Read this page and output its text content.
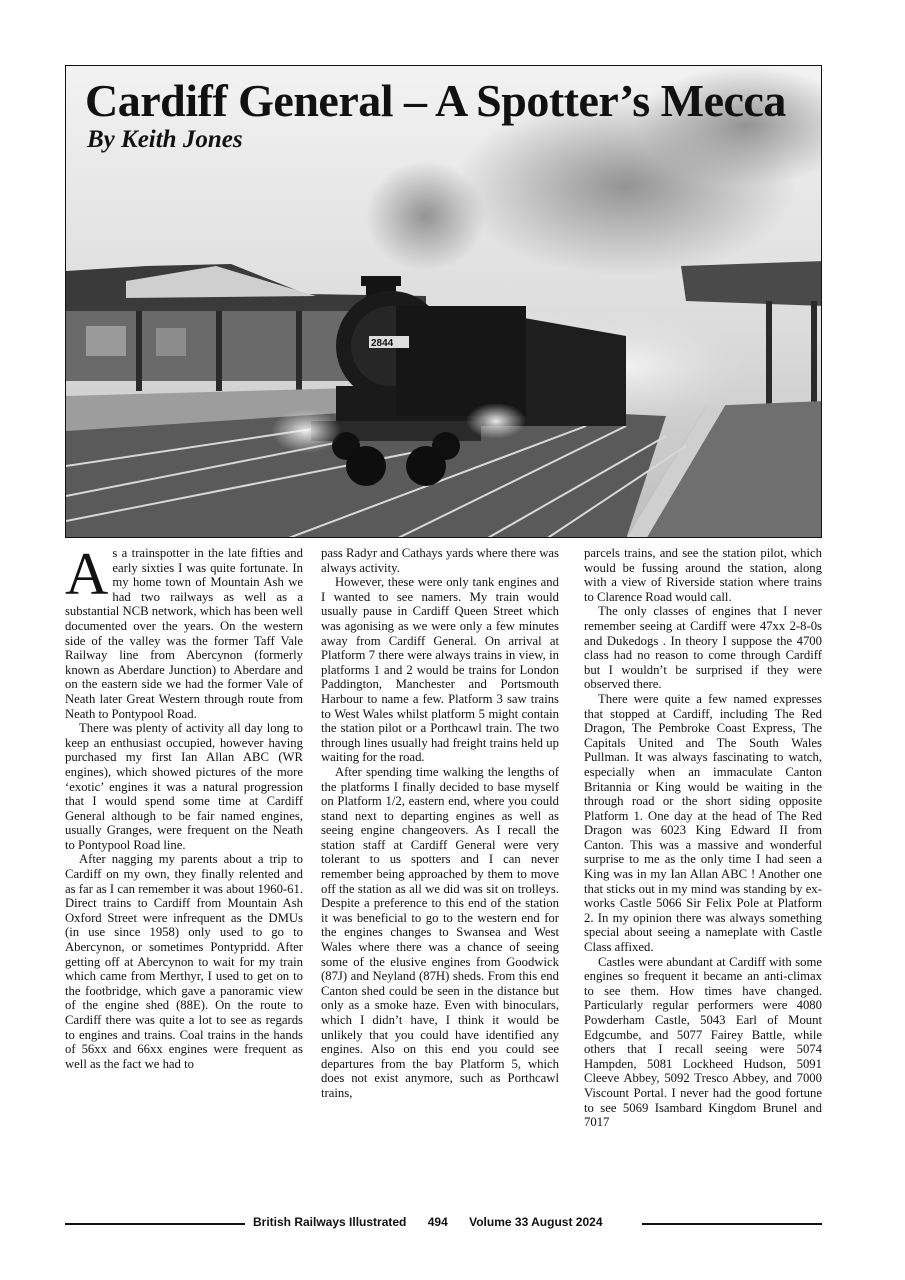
2844
Cardiff General – A Spotter’s Mecca
By Keith Jones

As a trainspotter in the late fifties and early sixties I was quite fortunate. In my home town of Mountain Ash we had two railways as well as a substantial NCB network, which has been well documented over the years. On the western side of the valley was the former Taff Vale Railway line from Abercynon (formerly known as Aberdare Junction) to Aberdare and on the eastern side we had the former Vale of Neath later Great Western through route from Neath to Pontypool Road.

There was plenty of activity all day long to keep an enthusiast occupied, however having purchased my first Ian Allan ABC (WR engines), which showed pictures of the more ‘exotic’ engines it was a natural progression that I would spend some time at Cardiff General although to be fair named engines, usually Granges, were frequent on the Neath to Pontypool Road line.

After nagging my parents about a trip to Cardiff on my own, they finally relented and as far as I can remember it was about 1960-61. Direct trains to Cardiff from Mountain Ash Oxford Street were infrequent as the DMUs (in use since 1958) only used to go to Abercynon, or sometimes Pontypridd. After getting off at Abercynon to wait for my train which came from Merthyr, I used to get on to the footbridge, which gave a panoramic view of the engine shed (88E). On the route to Cardiff there was quite a lot to see as regards to engines and trains. Coal trains in the hands of 56xx and 66xx engines were frequent as well as the fact we had to

pass Radyr and Cathays yards where there was always activity.

However, these were only tank engines and I wanted to see namers. My train would usually pause in Cardiff Queen Street which was agonising as we were only a few minutes away from Cardiff General. On arrival at Platform 7 there were always trains in view, in platforms 1 and 2 would be trains for London Paddington, Manchester and Portsmouth Harbour to name a few. Platform 3 saw trains to West Wales whilst platform 5 might contain the station pilot or a Porthcawl train. The two through lines usually had freight trains held up waiting for the road.

After spending time walking the lengths of the platforms I finally decided to base myself on Platform 1/2, eastern end, where you could stand next to departing engines as well as seeing engine changeovers. As I recall the station staff at Cardiff General were very tolerant to us spotters and I can never remember being approached by them to move off the station as all we did was sit on trolleys. Despite a preference to this end of the station it was beneficial to go to the western end for the engines changes to Swansea and West Wales where there was a chance of seeing some of the elusive engines from Goodwick (87J) and Neyland (87H) sheds. From this end Canton shed could be seen in the distance but only as a smoke haze. Even with binoculars, which I didn’t have, I think it would be unlikely that you could have identified any engines. Also on this end you could see departures from the bay Platform 5, which does not exist anymore, such as Porthcawl trains,

parcels trains, and see the station pilot, which would be fussing around the station, along with a view of Riverside station where trains to Clarence Road would call.

The only classes of engines that I never remember seeing at Cardiff were 47xx 2-8-0s and Dukedogs . In theory I suppose the 4700 class had no reason to come through Cardiff but I wouldn’t be surprised if they were observed there.

There were quite a few named expresses that stopped at Cardiff, including The Red Dragon, The Pembroke Coast Express, The Capitals United and The South Wales Pullman. It was always fascinating to watch, especially when an immaculate Canton Britannia or King would be waiting in the through road or the short siding opposite Platform 1. One day at the head of The Red Dragon was 6023 King Edward II from Canton. This was a massive and wonderful surprise to me as the only time I had seen a King was in my Ian Allan ABC ! Another one that sticks out in my mind was standing by ex-works Castle 5066 Sir Felix Pole at Platform 2. In my opinion there was always something special about seeing a nameplate with Castle Class affixed.

Castles were abundant at Cardiff with some engines so frequent it became an anti-climax to see them. How times have changed. Particularly regular performers were 4080 Powderham Castle, 5043 Earl of Mount Edgcumbe, and 5077 Fairey Battle, while others that I recall seeing were 5074 Hampden, 5081 Lockheed Hudson, 5091 Cleeve Abbey, 5092 Tresco Abbey, and 7000 Viscount Portal. I never had the good fortune to see 5069 Isambard Kingdom Brunel and 7017

British Railways Illustrated 494 Volume 33 August 2024
